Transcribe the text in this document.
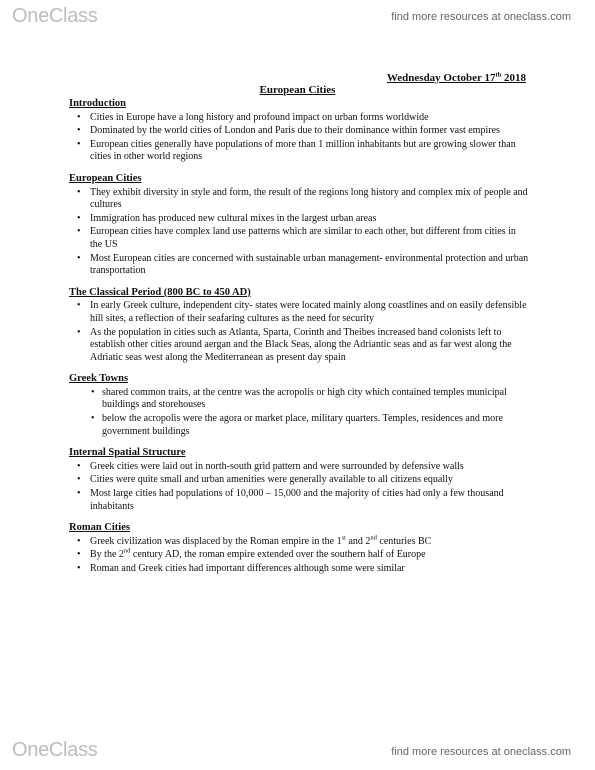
OneClass	find more resources at oneclass.com
Wednesday October 17th 2018
European Cities
Introduction
• Cities in Europe have a long history and profound impact on urban forms worldwide
• Dominated by the world cities of London and Paris due to their dominance within former vast empires
• European cities generally have populations of more than 1 million inhabitants but are growing slower than cities in other world regions
European Cities
• They exhibit diversity in style and form, the result of the regions long history and complex mix of people and cultures
• Immigration has produced new cultural mixes in the largest urban areas
• European cities have complex land use patterns which are similar to each other, but different from cities in the US
• Most European cities are concerned with sustainable urban management- environmental protection and urban transportation
The Classical Period (800 BC to 450 AD)
• In early Greek culture, independent city- states were located mainly along coastlines and on easily defensible hill sites, a reflection of their seafaring cultures as the need for security
• As the population in cities such as Atlanta, Sparta, Corinth and Theibes increased band colonists left to establish other cities around aergan and the Black Seas, along the Adriantic seas and as far west along the Adriatic seas west along the Mediterranean as present day spain
Greek Towns
• shared common traits, at the centre was the acropolis or high city which contained temples municipal buildings and storehouses
• below the acropolis were the agora or market place, military quarters. Temples, residences and more government buildings
Internal Spatial Structure
• Greek cities were laid out in north-south grid pattern and were surrounded by defensive walls
• Cities were quite small and urban amenities were generally available to all citizens equally
• Most large cities had populations of 10,000 – 15,000 and the majority of cities had only a few thousand inhabitants
Roman Cities
• Greek civilization was displaced by the Roman empire in the 1st and 2nd centuries BC
• By the 2nd century AD, the roman empire extended over the southern half of Europe
• Roman and Greek cities had important differences although some were similar
OneClass	find more resources at oneclass.com
